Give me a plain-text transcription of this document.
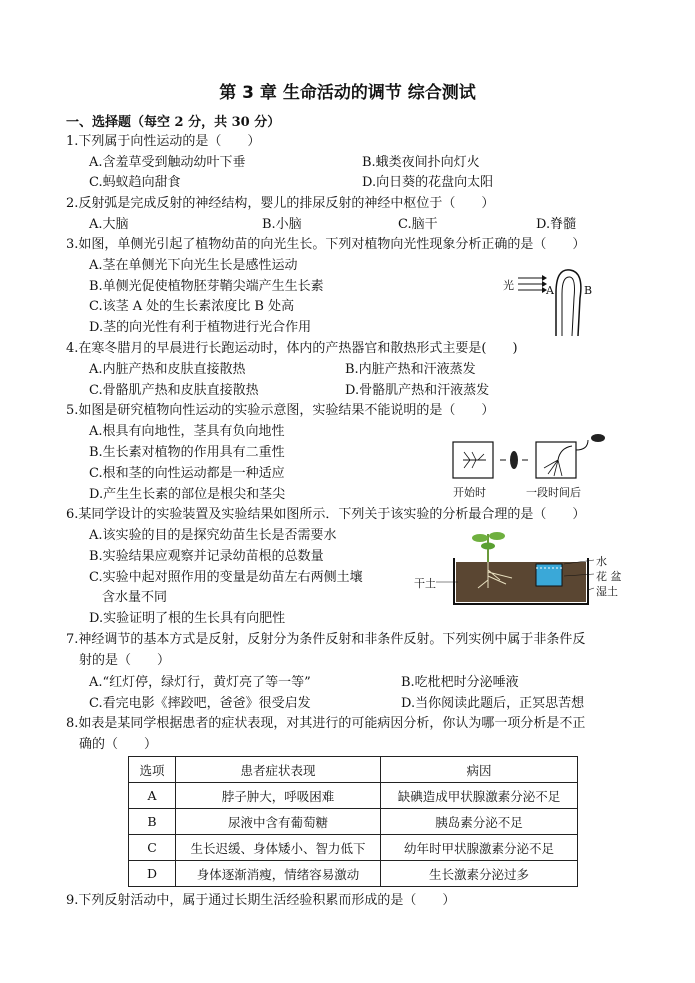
第 3 章 生命活动的调节 综合测试
一、选择题（每空 2 分，共 30 分）
1.下列属于向性运动的是（　　）
A.含羞草受到触动幼叶下垂	B.蛾类夜间扑向灯火
C.蚂蚁趋向甜食	D.向日葵的花盘向太阳
2.反射弧是完成反射的神经结构，婴儿的排尿反射的神经中枢位于（　　）
A.大脑	B.小脑	C.脑干	D.脊髓
3.如图，单侧光引起了植物幼苗的向光生长。下列对植物向光性现象分析正确的是（　　）
A.茎在单侧光下向光生长是感性运动
B.单侧光促使植物胚芽鞘尖端产生生长素
C.该茎 A 处的生长素浓度比 B 处高
D.茎的向光性有利于植物进行光合作用
光	A	B
4.在寒冬腊月的早晨进行长跑运动时，体内的产热器官和散热形式主要是(　　)
A.内脏产热和皮肤直接散热	B.内脏产热和汗液蒸发
C.骨骼肌产热和皮肤直接散热	D.骨骼肌产热和汗液蒸发
5.如图是研究植物向性运动的实验示意图，实验结果不能说明的是（　　）
A.根具有向地性，茎具有负向地性
B.生长素对植物的作用具有二重性
C.根和茎的向性运动都是一种适应
D.产生生长素的部位是根尖和茎尖	开始时	一段时间后
6.某同学设计的实验装置及实验结果如图所示．下列关于该实验的分析最合理的是（　　）
A.该实验的目的是探究幼苗生长是否需要水
B.实验结果应观察并记录幼苗根的总数量
C.实验中起对照作用的变量是幼苗左右两侧土壤
含水量不同
D.实验证明了根的生长具有向肥性
水
花 盆
湿土
干土
7.神经调节的基本方式是反射，反射分为条件反射和非条件反射。下列实例中属于非条件反
射的是（　　）
A.“红灯停，绿灯行，黄灯亮了等一等”	B.吃枇杷时分泌唾液
C.看完电影《摔跤吧，爸爸》很受启发	D.当你阅读此题后，正冥思苦想
8.如表是某同学根据患者的症状表现，对其进行的可能病因分析，你认为哪一项分析是不正
确的（　　）
选项	患者症状表现	病因
A	脖子肿大，呼吸困难	缺碘造成甲状腺激素分泌不足
B	尿液中含有葡萄糖	胰岛素分泌不足
C	生长迟缓、身体矮小、智力低下	幼年时甲状腺激素分泌不足
D	身体逐渐消瘦，情绪容易激动	生长激素分泌过多
9.下列反射活动中，属于通过长期生活经验积累而形成的是（　　）
